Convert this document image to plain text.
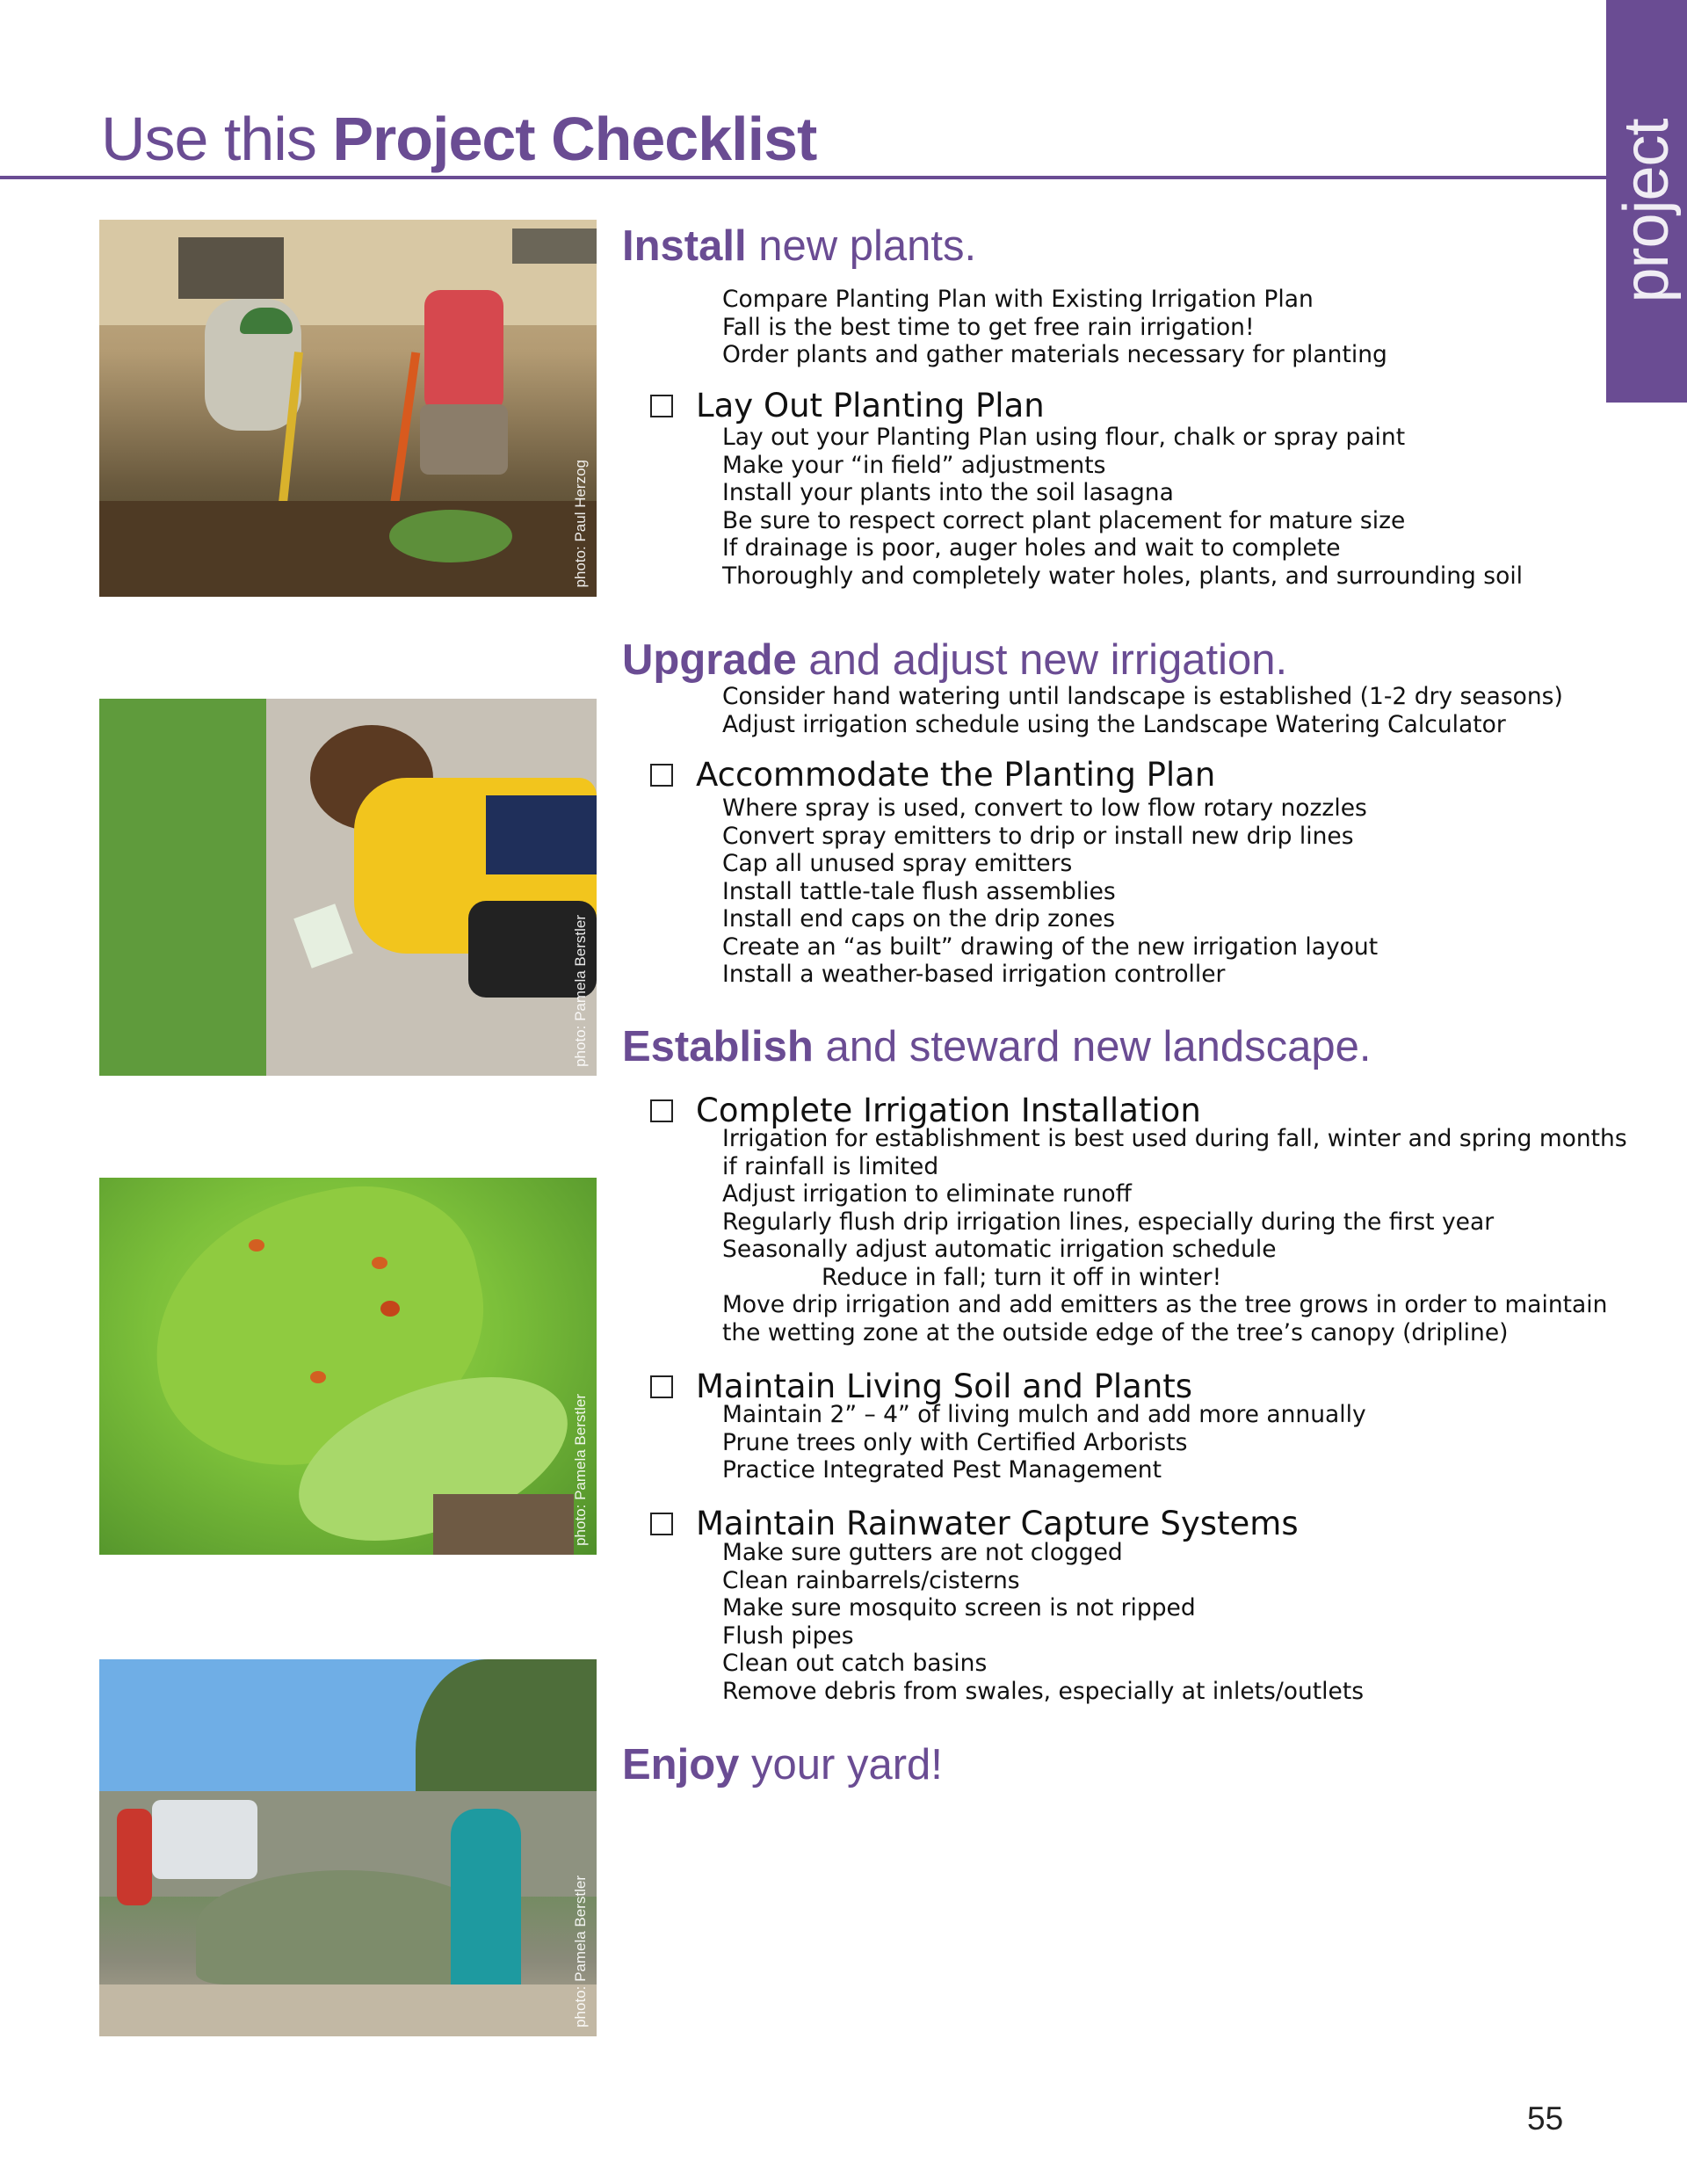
Use this Project Checklist	project
photo: Paul Herzog
photo: Pamela Berstler
photo: Pamela Berstler
photo: Pamela Berstler
Install new plants.
Compare Planting Plan with Existing Irrigation Plan
Fall is the best time to get free rain irrigation!
Order plants and gather materials necessary for planting
Lay Out Planting Plan
Lay out your Planting Plan using flour, chalk or spray paint
Make your “in field” adjustments
Install your plants into the soil lasagna
Be sure to respect correct plant placement for mature size
If drainage is poor, auger holes and wait to complete
Thoroughly and completely water holes, plants, and surrounding soil
Upgrade and adjust new irrigation.
Consider hand watering until landscape is established (1-2 dry seasons)
Adjust irrigation schedule using the Landscape Watering Calculator
Accommodate the Planting Plan
Where spray is used, convert to low flow rotary nozzles
Convert spray emitters to drip or install new drip lines
Cap all unused spray emitters
Install tattle-tale flush assemblies
Install end caps on the drip zones
Create an “as built” drawing of the new irrigation layout
Install a weather-based irrigation controller
Establish and steward new landscape.
Complete Irrigation Installation
Irrigation for establishment is best used during fall, winter and spring months
if rainfall is limited
Adjust irrigation to eliminate runoff
Regularly flush drip irrigation lines, especially during the first year
Seasonally adjust automatic irrigation schedule
Reduce in fall; turn it off in winter!
Move drip irrigation and add emitters as the tree grows in order to maintain
the wetting zone at the outside edge of the tree’s canopy (dripline)
Maintain Living Soil and Plants
Maintain 2” – 4” of living mulch and add more annually
Prune trees only with Certified Arborists
Practice Integrated Pest Management
Maintain Rainwater Capture Systems
Make sure gutters are not clogged
Clean rainbarrels/cisterns
Make sure mosquito screen is not ripped
Flush pipes
Clean out catch basins
Remove debris from swales, especially at inlets/outlets
Enjoy your yard!
55
